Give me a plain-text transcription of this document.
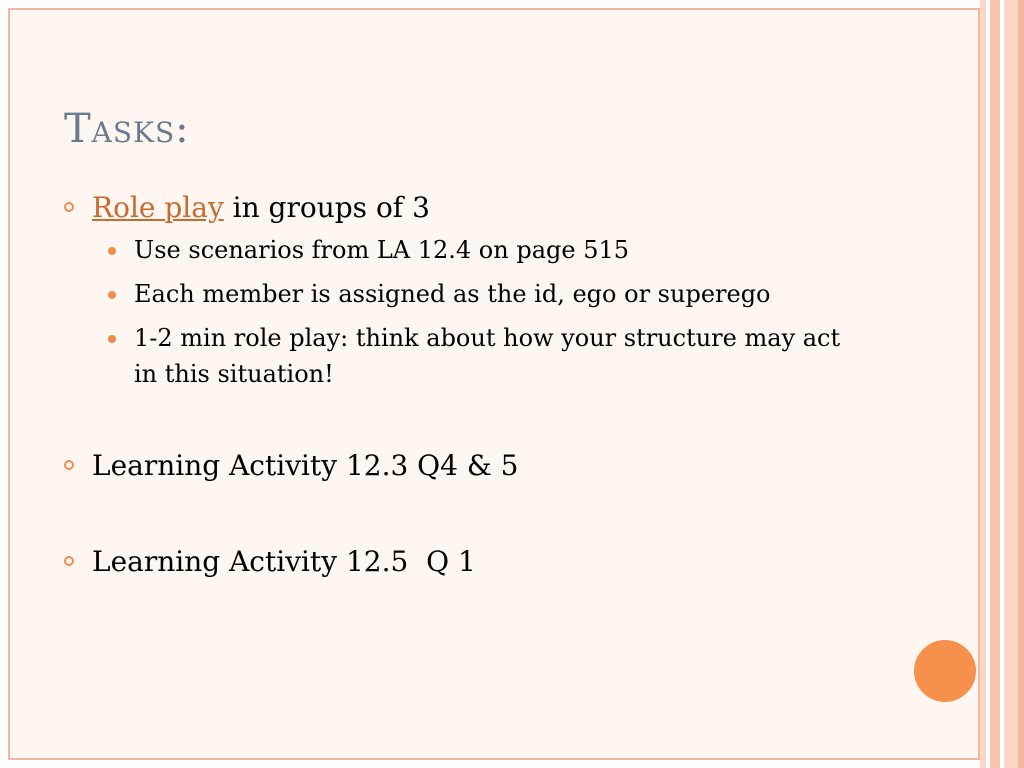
Tasks:
Role play in groups of 3
Use scenarios from LA 12.4 on page 515
Each member is assigned as the id, ego or superego
1-2 min role play: think about how your structure may act in this situation!
Learning Activity 12.3 Q4 & 5
Learning Activity 12.5  Q 1
